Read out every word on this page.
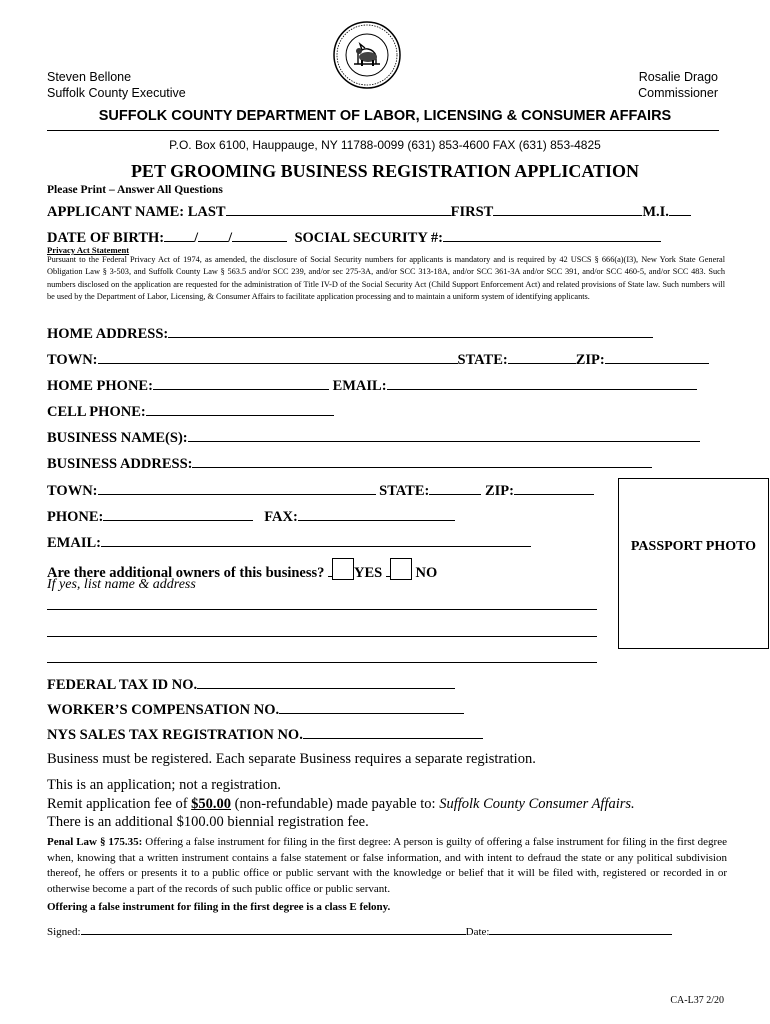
Steven Bellone
Suffolk County Executive
Rosalie Drago
Commissioner
SUFFOLK COUNTY DEPARTMENT OF LABOR, LICENSING & CONSUMER AFFAIRS
P.O. Box 6100, Hauppauge, NY 11788-0099 (631) 853-4600 FAX (631) 853-4825
PET GROOMING BUSINESS REGISTRATION APPLICATION
Please Print – Answer All Questions
APPLICANT NAME: LAST	FIRST	M.I.
DATE OF BIRTH: / /	SOCIAL SECURITY #:
Privacy Act Statement
Pursuant to the Federal Privacy Act of 1974, as amended, the disclosure of Social Security numbers for applicants is mandatory and is required by 42 USCS § 666(a)(I3), New York State General Obligation Law § 3-503, and Suffolk County Law § 563.5 and/or SCC 239, and/or sec 275-3A, and/or SCC 313-18A, and/or SCC 361-3A and/or SCC 391, and/or SCC 460-5, and/or SCC 483. Such numbers disclosed on the application are requested for the administration of Title IV-D of the Social Security Act (Child Support Enforcement Act) and related provisions of State law. Such numbers will be used by the Department of Labor, Licensing, & Consumer Affairs to facilitate application processing and to maintain a uniform system of identifying applicants.
HOME ADDRESS:
TOWN:	STATE:	ZIP:
HOME PHONE:	EMAIL:
CELL PHONE:
BUSINESS NAME(S):
BUSINESS ADDRESS:
TOWN:	STATE:	ZIP:
PHONE:	FAX:
EMAIL:
Are there additional owners of this business? YES NO
If yes, list name & address
PASSPORT PHOTO
FEDERAL TAX ID NO.
WORKER’S COMPENSATION NO.
NYS SALES TAX REGISTRATION NO.
Business must be registered. Each separate Business requires a separate registration.
This is an application; not a registration.
Remit application fee of $50.00 (non-refundable) made payable to: Suffolk County Consumer Affairs.
There is an additional $100.00 biennial registration fee.
Penal Law § 175.35: Offering a false instrument for filing in the first degree: A person is guilty of offering a false instrument for filing in the first degree when, knowing that a written instrument contains a false statement or false information, and with intent to defraud the state or any political subdivision thereof, he offers or presents it to a public office or public servant with the knowledge or belief that it will be filed with, registered or recorded in or otherwise become a part of the records of such public office or public servant.
Offering a false instrument for filing in the first degree is a class E felony.
Signed:	Date:
CA-L37 2/20
